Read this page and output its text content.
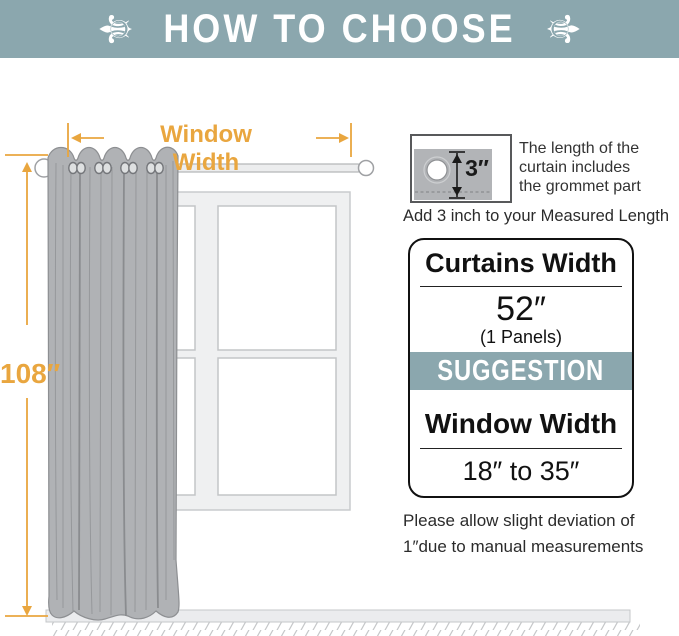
⚜ HOW TO CHOOSE ⚜
Window Width
108″
3″
The length of the
curtain includes
the grommet part
Add 3 inch to your Measured Length
Curtains Width
52″
(1 Panels)
SUGGESTION
Window Width
18″ to 35″
Please allow slight deviation of
1″due to manual measurements
